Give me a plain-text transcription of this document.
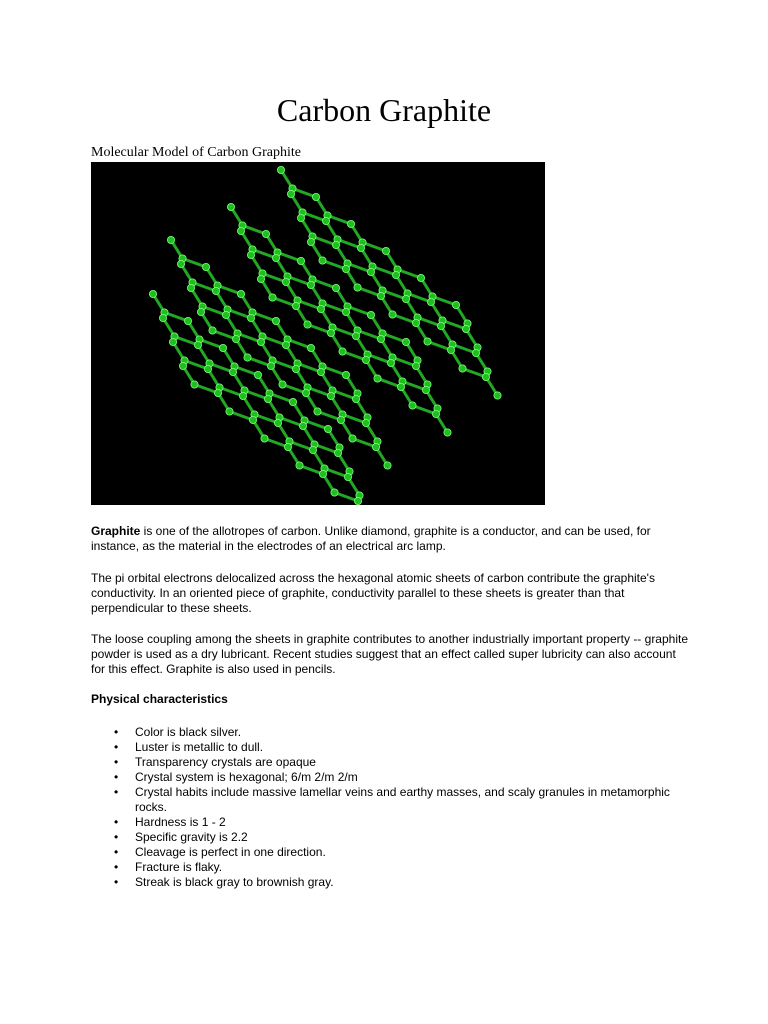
Carbon Graphite
Molecular Model of Carbon Graphite

Graphite is one of the allotropes of carbon. Unlike diamond, graphite is a conductor, and can be used, for instance, as the material in the electrodes of an electrical arc lamp.

The pi orbital electrons delocalized across the hexagonal atomic sheets of carbon contribute the graphite's conductivity. In an oriented piece of graphite, conductivity parallel to these sheets is greater than that perpendicular to these sheets.

The loose coupling among the sheets in graphite contributes to another industrially important property -- graphite powder is used as a dry lubricant. Recent studies suggest that an effect called super lubricity can also account for this effect. Graphite is also used in pencils.

Physical characteristics

• Color is black silver.
• Luster is metallic to dull.
• Transparency crystals are opaque
• Crystal system is hexagonal; 6/m 2/m 2/m
• Crystal habits include massive lamellar veins and earthy masses, and scaly granules in metamorphic rocks.
• Hardness is 1 - 2
• Specific gravity is 2.2
• Cleavage is perfect in one direction.
• Fracture is flaky.
• Streak is black gray to brownish gray.
